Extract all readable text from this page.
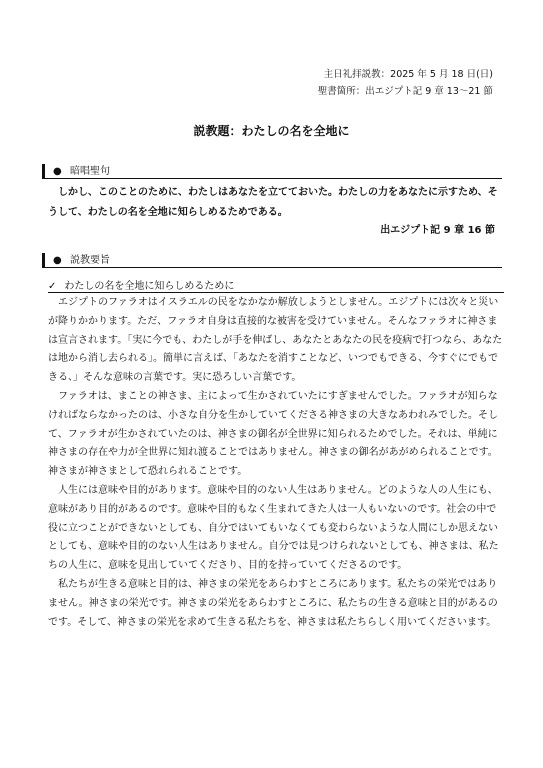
主日礼拝説教：2025 年 5 月 18 日(日)
聖書箇所：出エジプト記 9 章 13～21 節
説教題：わたしの名を全地に
● 暗唱聖句
しかし、このことのために、わたしはあなたを立てておいた。わたしの力をあなたに示すため、そうして、わたしの名を全地に知らしめるためである。
出エジプト記 9 章 16 節
● 説教要旨
✓ わたしの名を全地に知らしめるために

エジプトのファラオはイスラエルの民をなかなか解放しようとしません。エジプトには次々と災いが降りかかります。ただ、ファラオ自身は直接的な被害を受けていません。そんなファラオに神さまは宣言されます。「実に今でも、わたしが手を伸ばし、あなたとあなたの民を疫病で打つなら、あなたは地から消し去られる」。簡単に言えば、「あなたを消すことなど、いつでもできる、今すぐにでもできる、」そんな意味の言葉です。実に恐ろしい言葉です。

ファラオは、まことの神さま、主によって生かされていたにすぎませんでした。ファラオが知らなければならなかったのは、小さな自分を生かしていてくださる神さまの大きなあわれみでした。そして、ファラオが生かされていたのは、神さまの御名が全世界に知られるためでした。それは、単純に神さまの存在や力が全世界に知れ渡ることではありません。神さまの御名があがめられることです。神さまが神さまとして恐れられることです。

人生には意味や目的があります。意味や目的のない人生はありません。どのような人の人生にも、意味があり目的があるのです。意味や目的もなく生まれてきた人は一人もいないのです。社会の中で役に立つことができないとしても、自分ではいてもいなくても変わらないような人間にしか思えないとしても、意味や目的のない人生はありません。自分では見つけられないとしても、神さまは、私たちの人生に、意味を見出していてくださり、目的を持っていてくださるのです。

私たちが生きる意味と目的は、神さまの栄光をあらわすところにあります。私たちの栄光ではありません。神さまの栄光です。神さまの栄光をあらわすところに、私たちの生きる意味と目的があるのです。そして、神さまの栄光を求めて生きる私たちを、神さまは私たちらしく用いてくださいます。
